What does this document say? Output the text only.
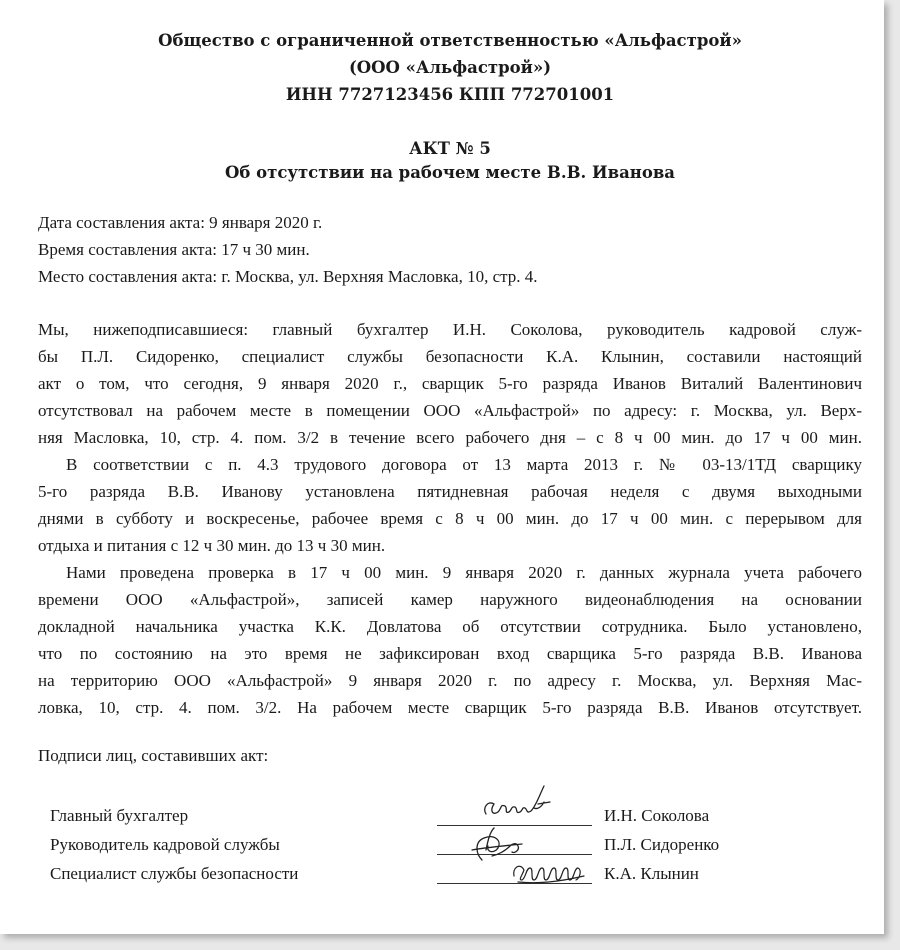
Общество с ограниченной ответственностью «Альфастрой»
(ООО «Альфастрой»)
ИНН 7727123456 КПП 772701001
АКТ № 5
Об отсутствии на рабочем месте В.В. Иванова
Дата составления акта: 9 января 2020 г.
Время составления акта: 17 ч 30 мин.
Место составления акта: г. Москва, ул. Верхняя Масловка, 10, стр. 4.
Мы, нижеподписавшиеся: главный бухгалтер И.Н. Соколова, руководитель кадровой служ-
бы П.Л. Сидоренко, специалист службы безопасности К.А. Клынин, составили настоящий
акт о том, что сегодня, 9 января 2020 г., сварщик 5-го разряда Иванов Виталий Валентинович
отсутствовал на рабочем месте в помещении ООО «Альфастрой» по адресу: г. Москва, ул. Верх-
няя Масловка, 10, стр. 4. пом. 3/2 в течение всего рабочего дня – с 8 ч 00 мин. до 17 ч 00 мин.
В соответствии с п. 4.3 трудового договора от 13 марта 2013 г. № 03-13/1ТД сварщику
5-го разряда В.В. Иванову установлена пятидневная рабочая неделя с двумя выходными
днями в субботу и воскресенье, рабочее время с 8 ч 00 мин. до 17 ч 00 мин. с перерывом для
отдыха и питания с 12 ч 30 мин. до 13 ч 30 мин.
Нами проведена проверка в 17 ч 00 мин. 9 января 2020 г. данных журнала учета рабочего
времени ООО «Альфастрой», записей камер наружного видеонаблюдения на основании
докладной начальника участка К.К. Довлатова об отсутствии сотрудника. Было установлено,
что по состоянию на это время не зафиксирован вход сварщика 5-го разряда В.В. Иванова
на территорию ООО «Альфастрой» 9 января 2020 г. по адресу г. Москва, ул. Верхняя Мас-
ловка, 10, стр. 4. пом. 3/2. На рабочем месте сварщик 5-го разряда В.В. Иванов отсутствует.
Подписи лиц, составивших акт:
Главный бухгалтер	И.Н. Соколова
Руководитель кадровой службы	П.Л. Сидоренко
Специалист службы безопасности	К.А. Клынин
